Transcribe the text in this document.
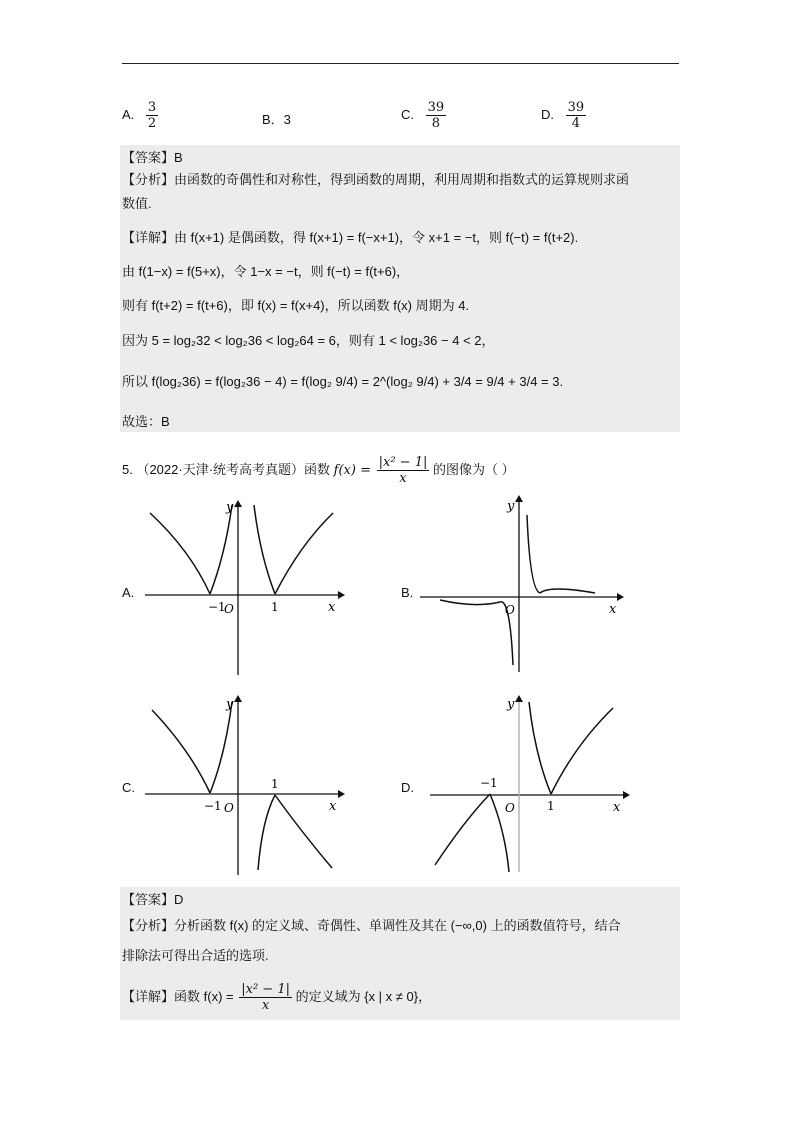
A. $\frac{3}{2}$	B．3	C. $\frac{39}{8}$	D. $\frac{39}{4}$
【答案】B
【分析】由函数的奇偶性和对称性，得到函数的周期，利用周期和指数式的运算规则求函
数值.
【详解】由 f(x+1) 是偶函数，得 f(x+1) = f(−x+1)，令 x+1 = −t，则 f(−t) = f(t+2).
由 f(1−x) = f(5+x)，令 1−x = −t，则 f(−t) = f(t+6)，
则有 f(t+2) = f(t+6)，即 f(x) = f(x+4)，所以函数 f(x) 周期为 4.
因为 5 = log₂32 < log₂36 < log₂64 = 6，则有 1 < log₂36 − 4 < 2，
所以 f(log₂36) = f(log₂36 − 4) = f(log₂ 9/4) = 2^(log₂ 9/4) + 3/4 = 9/4 + 3/4 = 3.
故选：B
5. （2022·天津·统考高考真题）函数 $f(x) = \frac{\text{|x² − 1|}}{x}$ 的图像为（ ）
A.
−1
O	1	x
y
B.
O	x
y
C.
−1 O
1
x
y
D.	−1
O	1	x
y
【答案】D
【分析】分析函数 f(x) 的定义域、奇偶性、单调性及其在 (−∞,0) 上的函数值符号，结合
排除法可得出合适的选项.
【详解】函数 $f(x) = \frac{\text{|x² − 1|}}{x}$ 的定义域为 {x | x ≠ 0}，
